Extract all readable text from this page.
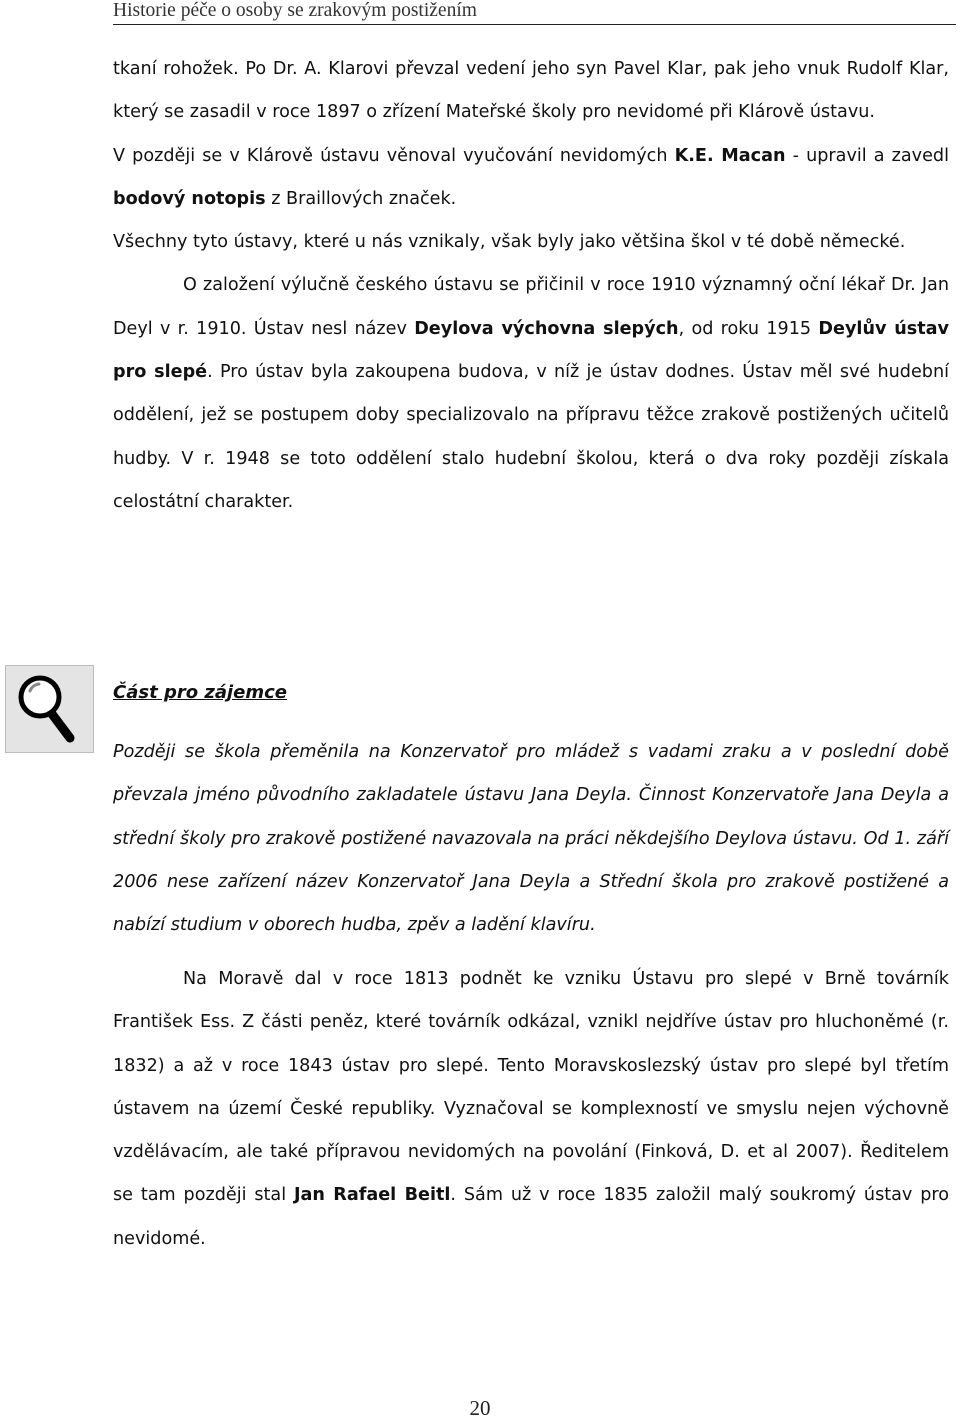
Historie péče o osoby se zrakovým postižením

tkaní rohožek. Po Dr. A. Klarovi převzal vedení jeho syn Pavel Klar, pak jeho vnuk Rudolf Klar, který se zasadil v roce 1897 o zřízení Mateřské školy pro nevidomé při Klárově ústavu.

V později se v Klárově ústavu věnoval vyučování nevidomých K.E. Macan - upravil a zavedl bodový notopis z Braillových značek.

Všechny tyto ústavy, které u nás vznikaly, však byly jako většina škol v té době německé.

O založení výlučně českého ústavu se přičinil v roce 1910 významný oční lékař Dr. Jan Deyl v r. 1910. Ústav nesl název Deylova výchovna slepých, od roku 1915 Deylův ústav pro slepé. Pro ústav byla zakoupena budova, v níž je ústav dodnes. Ústav měl své hudební oddělení, jež se postupem doby specializovalo na přípravu těžce zrakově postižených učitelů hudby. V r. 1948 se toto oddělení stalo hudební školou, která o dva roky později získala celostátní charakter.

Část pro zájemce

Později se škola přeměnila na Konzervatoř pro mládež s vadami zraku a v poslední době převzala jméno původního zakladatele ústavu Jana Deyla. Činnost Konzervatoře Jana Deyla a střední školy pro zrakově postižené navazovala na práci někdejšího Deylova ústavu. Od 1. září 2006 nese zařízení název Konzervatoř Jana Deyla a Střední škola pro zrakově postižené a nabízí studium v oborech hudba, zpěv a ladění klavíru.

Na Moravě dal v roce 1813 podnět ke vzniku Ústavu pro slepé v Brně továrník František Ess. Z části peněz, které továrník odkázal, vznikl nejdříve ústav pro hluchoněmé (r. 1832) a až v roce 1843 ústav pro slepé. Tento Moravskoslezský ústav pro slepé byl třetím ústavem na území České republiky. Vyznačoval se komplexností ve smyslu nejen výchovně vzdělávacím, ale také přípravou nevidomých na povolání (Finková, D. et al 2007). Ředitelem se tam později stal Jan Rafael Beitl. Sám už v roce 1835 založil malý soukromý ústav pro nevidomé.

20
